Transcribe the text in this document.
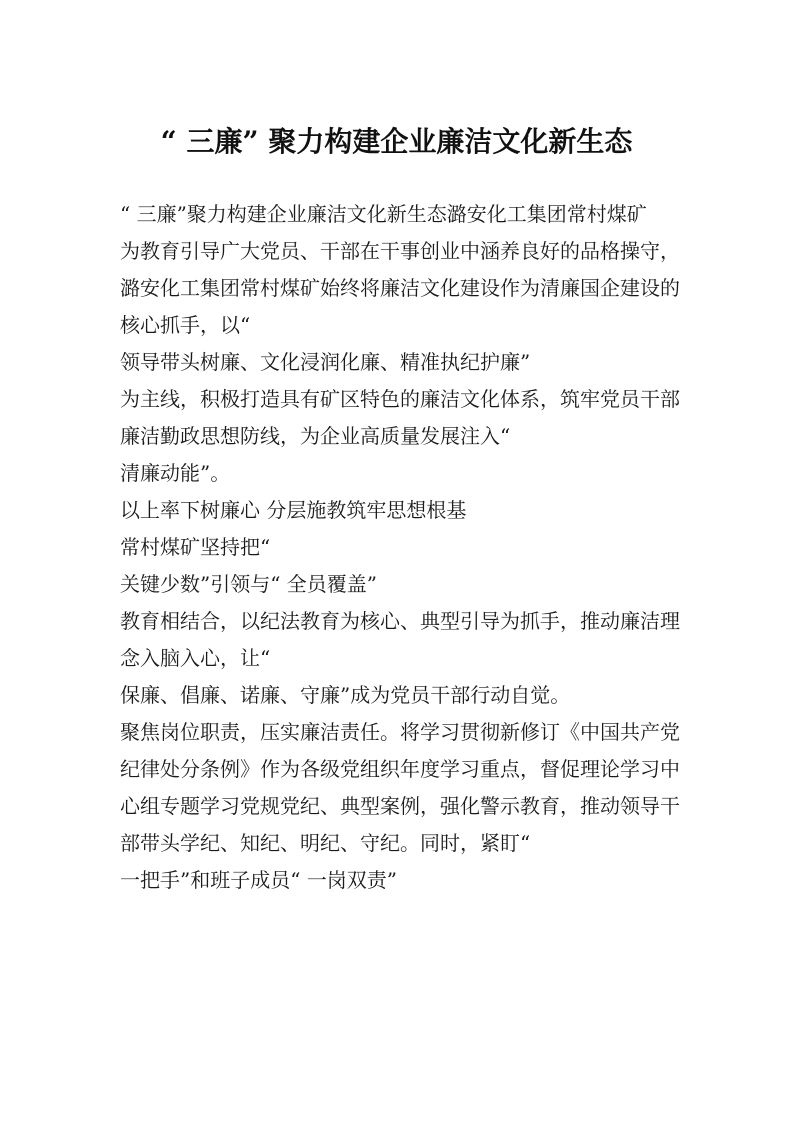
“ 三廉” 聚力构建企业廉洁文化新生态

“ 三廉”聚力构建企业廉洁文化新生态潞安化工集团常村煤矿

为教育引导广大党员、干部在干事创业中涵养良好的品格操守，潞安化工集团常村煤矿始终将廉洁文化建设作为清廉国企建设的核心抓手，以“

领导带头树廉、文化浸润化廉、精准执纪护廉”

为主线，积极打造具有矿区特色的廉洁文化体系，筑牢党员干部廉洁勤政思想防线，为企业高质量发展注入“

清廉动能”。

以上率下树廉心 分层施教筑牢思想根基

常村煤矿坚持把“

关键少数”引领与“ 全员覆盖”

教育相结合，以纪法教育为核心、典型引导为抓手，推动廉洁理念入脑入心，让“

保廉、倡廉、诺廉、守廉”成为党员干部行动自觉。

聚焦岗位职责，压实廉洁责任。将学习贯彻新修订《中国共产党纪律处分条例》作为各级党组织年度学习重点，督促理论学习中心组专题学习党规党纪、典型案例，强化警示教育，推动领导干部带头学纪、知纪、明纪、守纪。同时，紧盯“

一把手”和班子成员“ 一岗双责”
